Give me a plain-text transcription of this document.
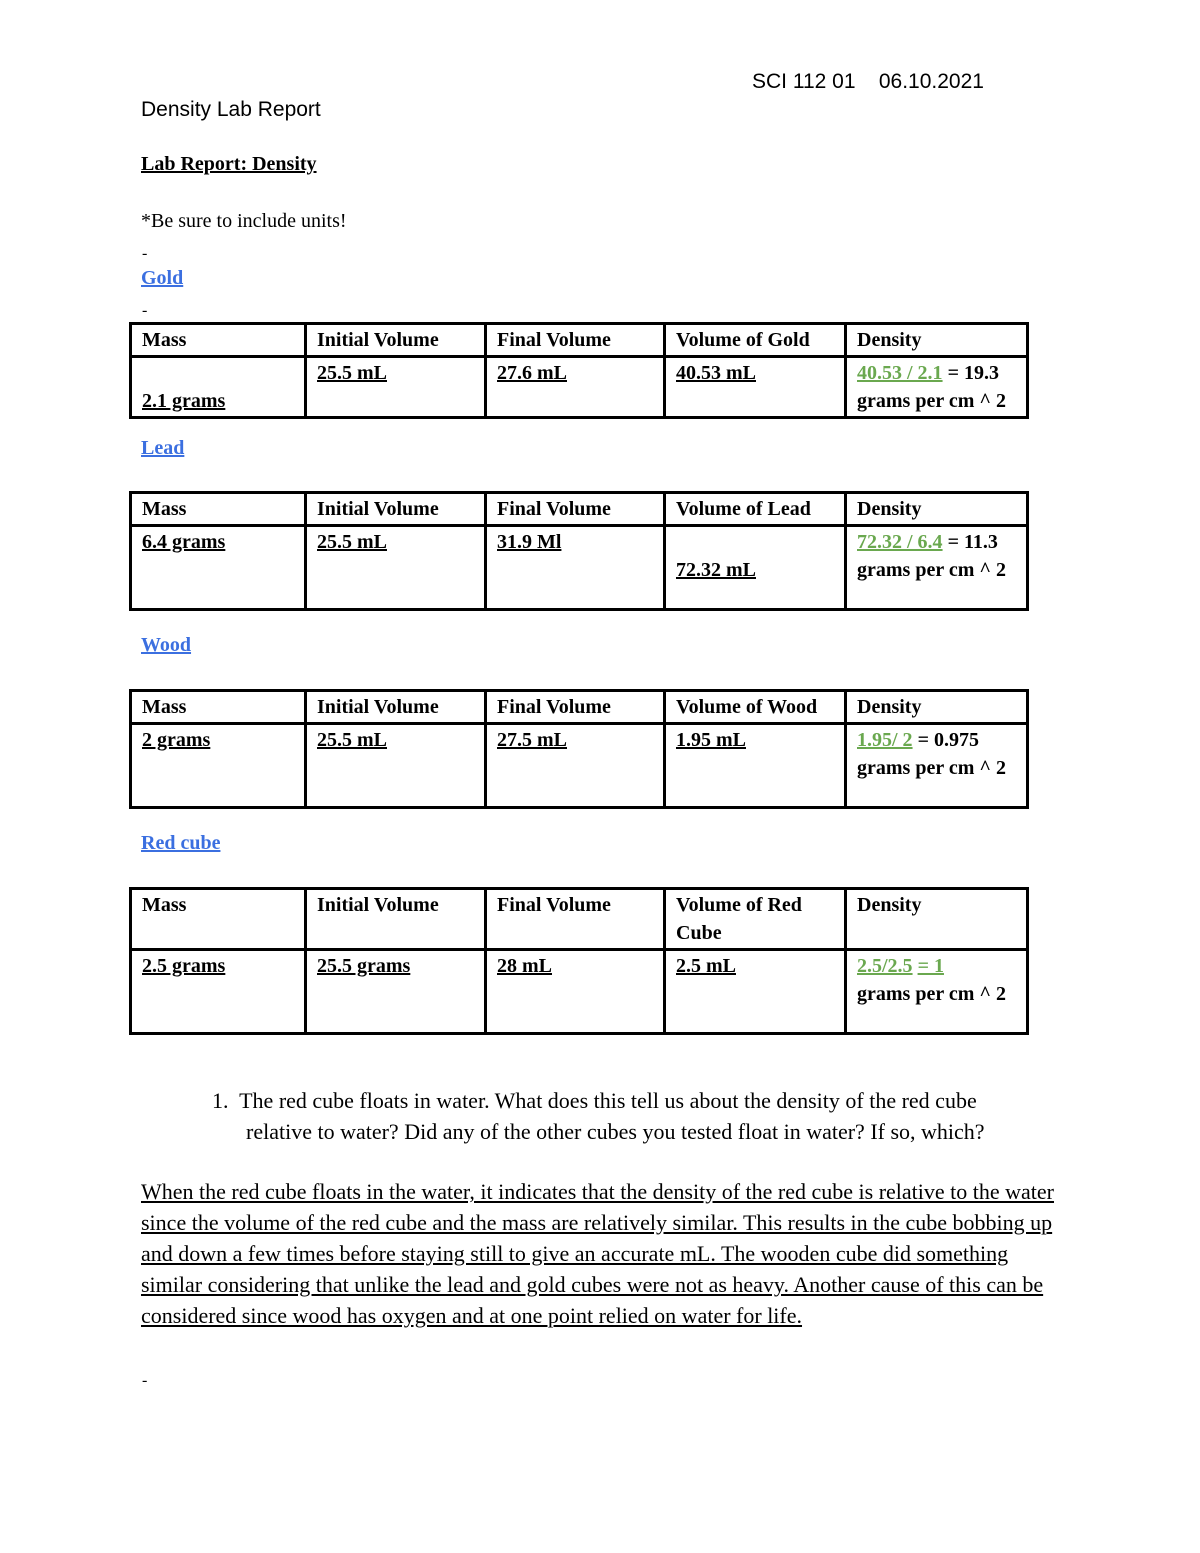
SCI 112 01    06.10.2021
Density Lab Report
Lab Report: Density
*Be sure to include units!
-
Gold
-
Mass	Initial Volume	Final Volume	Volume of Gold	Density
2.1 grams	25.5 mL	27.6 mL	40.53 mL	40.53 / 2.1 = 19.3
grams per cm ^ 2
Lead
Mass	Initial Volume	Final Volume	Volume of Lead	Density
6.4 grams	25.5 mL	31.9 Ml	72.32 mL	72.32 / 6.4 = 11.3
grams per cm ^ 2
Wood
Mass	Initial Volume	Final Volume	Volume of Wood	Density
2 grams	25.5 mL	27.5 mL	1.95 mL	1.95/ 2 = 0.975
grams per cm ^ 2
Red cube
Mass	Initial Volume	Final Volume	Volume of Red Cube	Density
2.5 grams	25.5 grams	28 mL	2.5 mL	2.5/2.5 = 1
grams per cm ^ 2
1. The red cube floats in water. What does this tell us about the density of the red cube
relative to water? Did any of the other cubes you tested float in water? If so, which?
When the red cube floats in the water, it indicates that the density of the red cube is relative to the water since the volume of the red cube and the mass are relatively similar. This results in the cube bobbing up and down a few times before staying still to give an accurate mL. The wooden cube did something similar considering that unlike the lead and gold cubes were not as heavy. Another cause of this can be considered since wood has oxygen and at one point relied on water for life.
-
